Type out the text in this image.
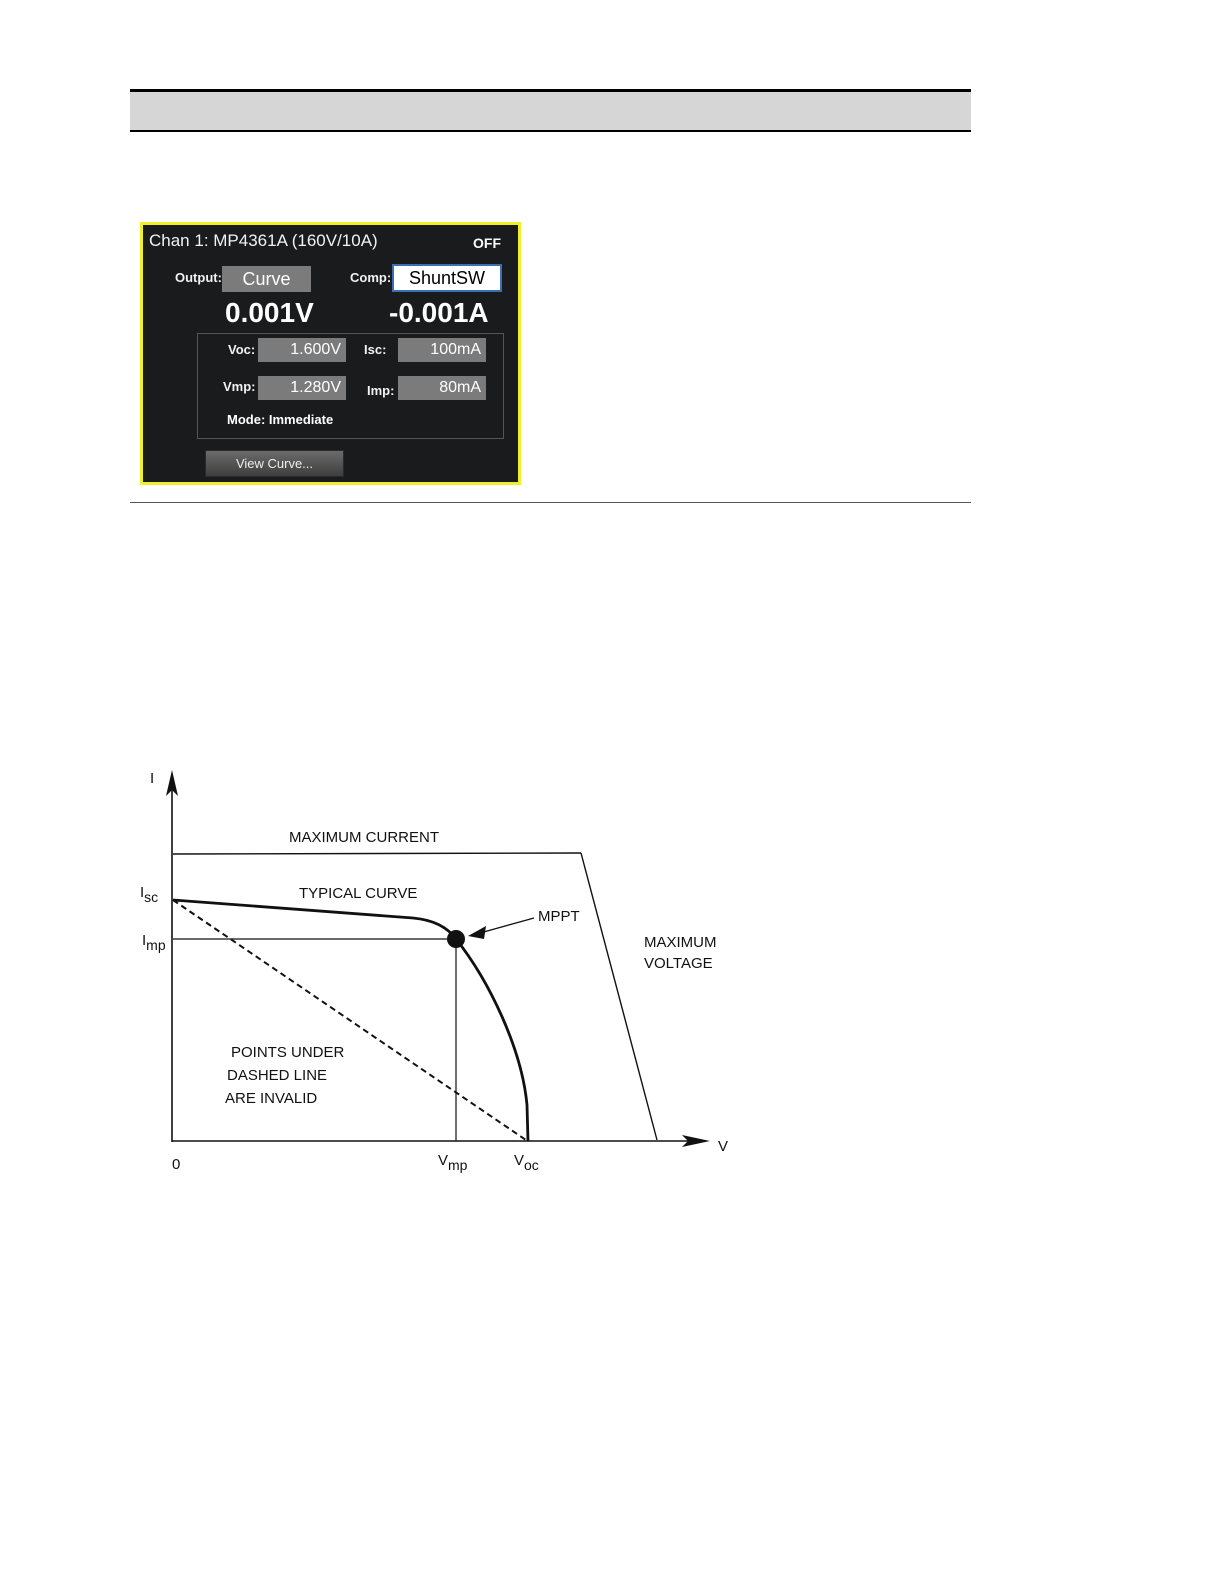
Chan 1: MP4361A (160V/10A)	OFF
Output:	Curve	Comp: ShuntSW
0.001V	-0.001A
Voc:	1.600V	Isc:	100mA
Vmp:	1.280V	Imp:	80mA
Mode: Immediate
View Curve...
I
V
0
$I_{sc}$
$I_{mp}$
$V_{mp}$	$V_{oc}$
MAXIMUM CURRENT
TYPICAL CURVE
MPPT
MAXIMUM
VOLTAGE
POINTS UNDER
DASHED LINE
ARE INVALID
